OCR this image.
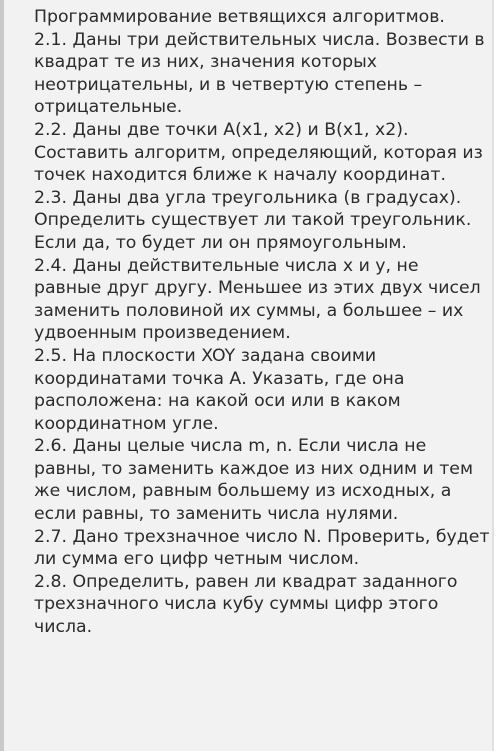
Программирование ветвящихся алгоритмов.
2.1. Даны три действительных числа. Возвести в
квадрат те из них, значения которых
неотрицательны, и в четвертую степень –
отрицательные.
2.2. Даны две точки A(x1, x2) и B(x1, x2).
Составить алгоритм, определяющий, которая из
точек находится ближе к началу координат.
2.3. Даны два угла треугольника (в градусах).
Определить существует ли такой треугольник.
Если да, то будет ли он прямоугольным.
2.4. Даны действительные числа x и y, не
равные друг другу. Меньшее из этих двух чисел
заменить половиной их суммы, а большее – их
удвоенным произведением.
2.5. На плоскости XOY задана своими
координатами точка А. Указать, где она
расположена: на какой оси или в каком
координатном угле.
2.6. Даны целые числа m, n. Если числа не
равны, то заменить каждое из них одним и тем
же числом, равным большему из исходных, а
если равны, то заменить числа нулями.
2.7. Дано трехзначное число N. Проверить, будет
ли сумма его цифр четным числом.
2.8. Определить, равен ли квадрат заданного
трехзначного числа кубу суммы цифр этого
числа.
